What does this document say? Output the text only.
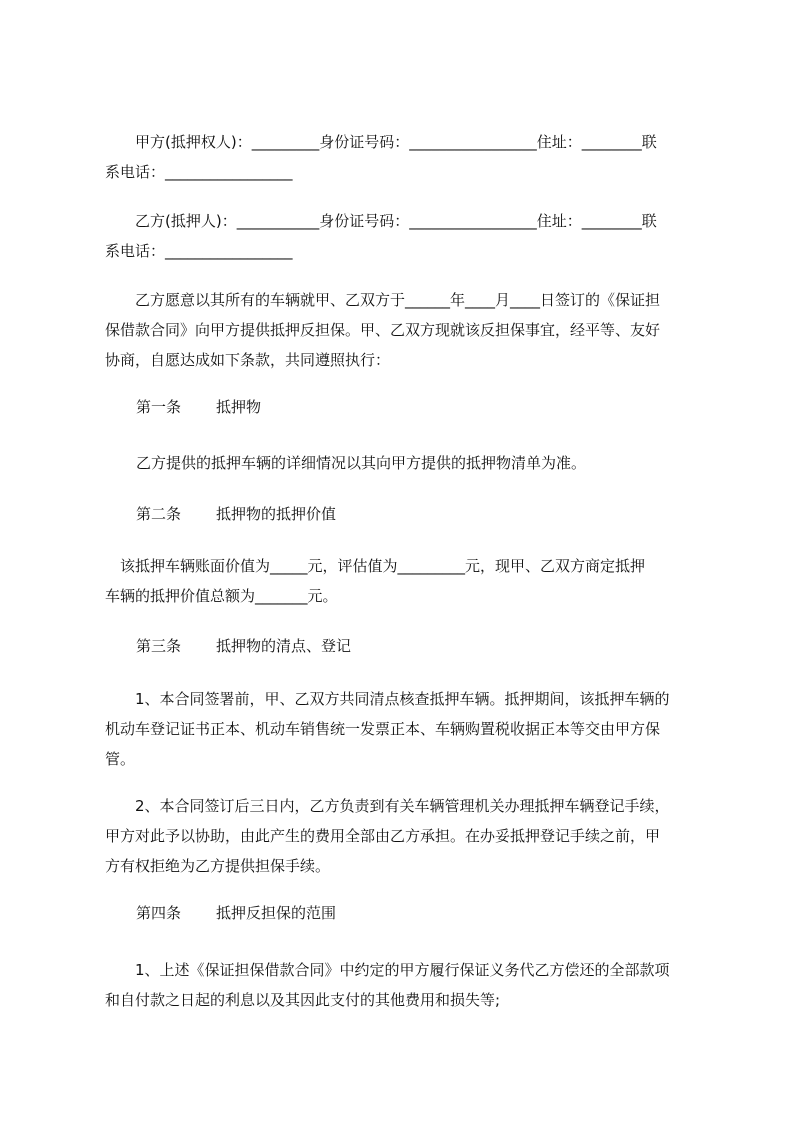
　　甲方(抵押权人)：_________身份证号码：_________________住址：________联
系电话：_________________
　　乙方(抵押人)：___________身份证号码：_________________住址：________联
系电话：_________________
　　乙方愿意以其所有的车辆就甲、乙双方于______年____月____日签订的《保证担
保借款合同》向甲方提供抵押反担保。甲、乙双方现就该反担保事宜，经平等、友好
协商，自愿达成如下条款，共同遵照执行：
第一条 抵押物
乙方提供的抵押车辆的详细情况以其向甲方提供的抵押物清单为准。
第二条 抵押物的抵押价值
　该抵押车辆账面价值为_____元，评估值为_________元，现甲、乙双方商定抵押
车辆的抵押价值总额为_______元。
第三条 抵押物的清点、登记
　　1、本合同签署前，甲、乙双方共同清点核查抵押车辆。抵押期间，该抵押车辆的
机动车登记证书正本、机动车销售统一发票正本、车辆购置税收据正本等交由甲方保
管。
　　2、本合同签订后三日内，乙方负责到有关车辆管理机关办理抵押车辆登记手续，
甲方对此予以协助，由此产生的费用全部由乙方承担。在办妥抵押登记手续之前，甲
方有权拒绝为乙方提供担保手续。
第四条 抵押反担保的范围
　　1、上述《保证担保借款合同》中约定的甲方履行保证义务代乙方偿还的全部款项
和自付款之日起的利息以及其因此支付的其他费用和损失等;
